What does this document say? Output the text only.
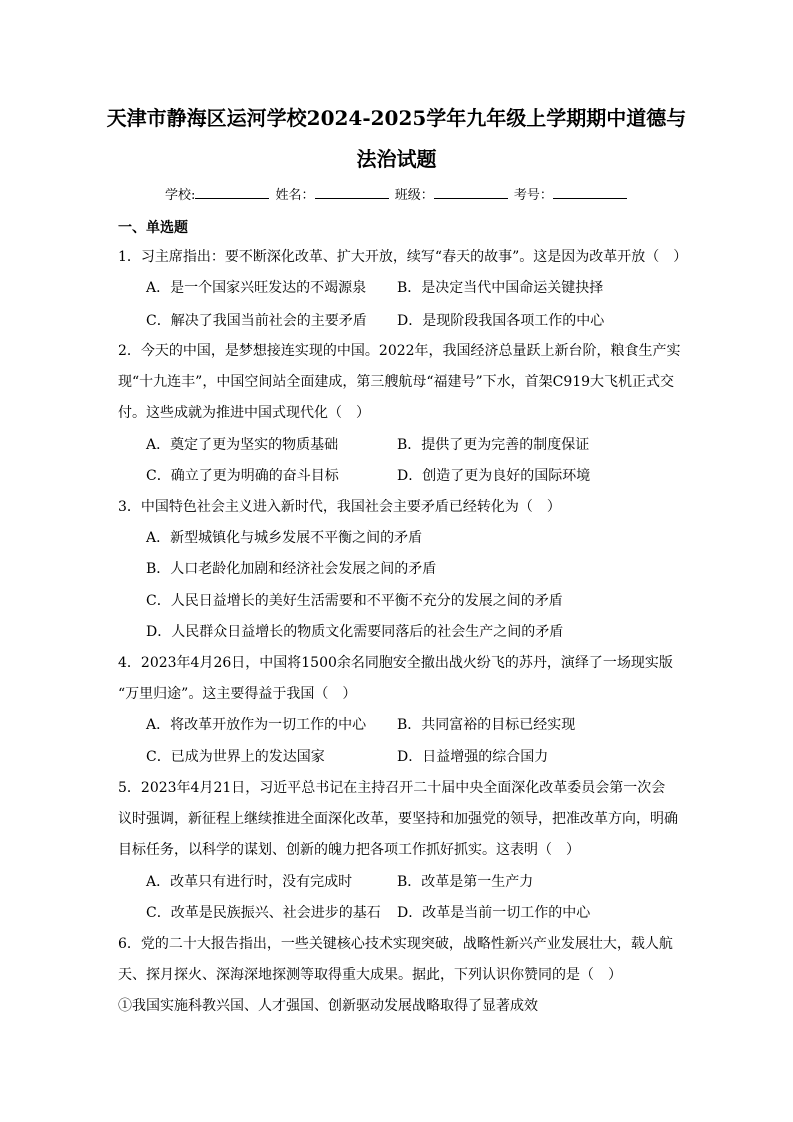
天津市静海区运河学校2024-2025学年九年级上学期期中道德与
法治试题
学校:	姓名：	班级：	考号：
一、单选题
1．习主席指出：要不断深化改革、扩大开放，续写“春天的故事”。这是因为改革开放（　）
A．是一个国家兴旺发达的不竭源泉 B．是决定当代中国命运关键抉择
C．解决了我国当前社会的主要矛盾 D．是现阶段我国各项工作的中心
2．今天的中国，是梦想接连实现的中国。2022年，我国经济总量跃上新台阶，粮食生产实
现“十九连丰”，中国空间站全面建成，第三艘航母“福建号”下水，首架C919大飞机正式交
付。这些成就为推进中国式现代化（　）
A．奠定了更为坚实的物质基础	B．提供了更为完善的制度保证
C．确立了更为明确的奋斗目标	D．创造了更为良好的国际环境
3．中国特色社会主义进入新时代，我国社会主要矛盾已经转化为（　）
A．新型城镇化与城乡发展不平衡之间的矛盾
B．人口老龄化加剧和经济社会发展之间的矛盾
C．人民日益增长的美好生活需要和不平衡不充分的发展之间的矛盾
D．人民群众日益增长的物质文化需要同落后的社会生产之间的矛盾
4．2023年4月26日，中国将1500余名同胞安全撤出战火纷飞的苏丹，演绎了一场现实版
“万里归途”。这主要得益于我国（　）
A．将改革开放作为一切工作的中心 B．共同富裕的目标已经实现
C．已成为世界上的发达国家	D．日益增强的综合国力
5．2023年4月21日，习近平总书记在主持召开二十届中央全面深化改革委员会第一次会
议时强调，新征程上继续推进全面深化改革，要坚持和加强党的领导，把准改革方向，明确
目标任务，以科学的谋划、创新的魄力把各项工作抓好抓实。这表明（　）
A．改革只有进行时，没有完成时	B．改革是第一生产力
C．改革是民族振兴、社会进步的基石 D．改革是当前一切工作的中心
6．党的二十大报告指出，一些关键核心技术实现突破，战略性新兴产业发展壮大，载人航
天、探月探火、深海深地探测等取得重大成果。据此，下列认识你赞同的是（　）
①我国实施科教兴国、人才强国、创新驱动发展战略取得了显著成效
